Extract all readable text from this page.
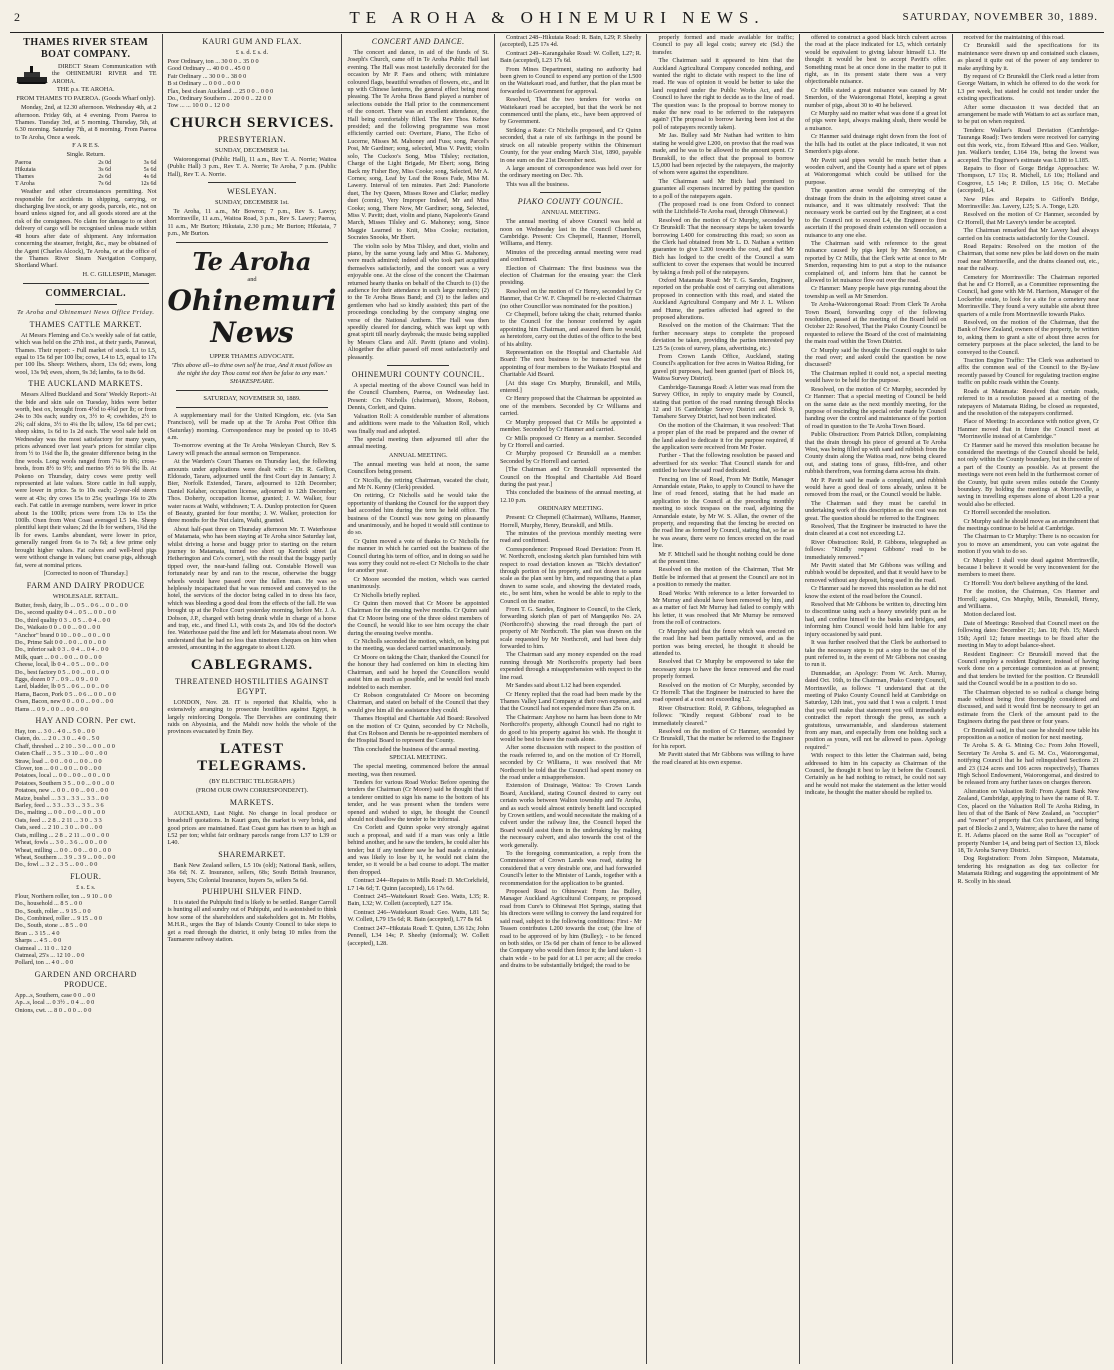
2	TE AROHA & OHINEMURI NEWS.	SATURDAY, NOVEMBER 30, 1889.
THAMES RIVER STEAM BOAT COMPANY.

DIRECT Steam Communication with the OHINEMURI RIVER and TE AROHA.

THE p.s. TE AROHA.
FROM THAMES TO PAEROA. (Goods Wharf only).

Monday, 2nd, at 12.30 afternoon. Wednesday 4th, at 2 afternoon. Friday 6th, at 4 evening. From Paeroa to Thames. Tuesday 3rd, at 5 morning. Thursday, 5th, at 6.30 morning. Saturday 7th, at 8 morning. From Paeroa to Te Aroha, Once a week.

F A R E S.
Single. Return.
Paeroa	2s 0d	3s 6d
Hikutaia	3s 6d	5s 6d
Thames	2s 6d	4s 6d
T Aroha	7s 6d	12s 6d

Weather and other circumstances permitting. Not responsible for accidents in shipping, carrying, or discharging live stock, or any goods, parcels, etc., not on board unless signed for, and all goods stored are at the risk of the consignees. No claim for damage to or short delivery of cargo will be recognised unless made within 48 hours after date of shipment. Any information concerning the steamer, freight, &c., may be obtained of the Agent (Charles Alcock), Te Aroha, or at the office of the Thames River Steam Navigation Company, Shortland Wharf.

H. C. GILLESPIE, Manager.
COMMERCIAL.
Te Aroha and Ohinemuri News Office Friday.
THAMES CATTLE MARKET.

At Messrs Fleming and Co.'s weekly sale of fat cattle, which was held on the 27th inst., at their yards, Parawai, Thames. Their report: - Full market of stock. L1 to L5, equal to 15s 6d per 100 lbs; cows, L4 to L5, equal to 17s per 100 lbs. Sheep: Wethers, shorn, 13s 6d; ewes, long wool, 13s 9d; ewes, shorn, 9s 3d; lambs, 6s to 8s 6d.

THE AUCKLAND MARKETS.

Messrs Alfred Buckland and Sons' Weekly Report:-At the bide and skin sale on Tuesday, hides were better worth, best ox, brought from 4½d to 4¾d per lb; or from 24s to 30s each; sundry ox, 3½ to 4; cowhides, 2½ to 2¾; calf skins, 3½ to 4¼ the lb; tallow, 15s 6d per cwt.; sheep skins, 1s 6d to 1s 2d each. The wool sale held on Wednesday was the most satisfactory for many years, prices advanced over last year's prices for similar clips from ½ to 1¼d the lb, the greater difference being in the fine wools. Long wools ranged from 7¼ to 8¾; cross-breds, from 8½ to 9½; and merino 9½ to 9¾ the lb. At Pokeno on Thursday, dairy cows were pretty well represented at late values. Store cattle in full supply, were lower in price. 5s to 10s each; 2-year-old steers were at 43s; dry cows 15s to 25s; yearlings 16s to 20s each. Fat cattle in average numbers, were lower in price about 1s the 100lb; prices were from 13s to 15s the 100lb. Oxen from West Coast averaged L5 14s. Sheep plentiful kept their values; 2d the lb for wethers, 1¾d the lb for ewes. Lambs abundant, were lower in price, generally ranged from 6s to 7s 6d; a few prime only brought higher values. Fat calves and well-bred pigs were without change in values; but coarse pigs, although fat, were at nominal prices.

[Corrected to noon of Thursday.]
FARM AND DAIRY PRODUCE
WHOLESALE. RETAIL.
Butter, fresh, dairy, lb ... 0 5 .. 0 6 ... 0 0 .. 0 0
Do., second quality 0 4 .. 0 5 ... 0 0 .. 0 0
Do., third quality 0 3 .. 0 5 ... 0 4 .. 0 0
Do., Waikato 0 0 .. 0 0 ... 0 0 .. 0 0
"Anchor" brand 0 10 .. 0 0 ... 0 0 .. 0 0
Do., Prime Salt 0 0 .. 0 0 ... 0 0 .. 0 0
Do., inferior salt 0 3 .. 0 4 ... 0 4 .. 0 0
Milk, quart ... 0 0 .. 0 0 ... 0 0 .. 0 0
Cheese, local, lb 0 4 .. 0 5 ... 0 0 .. 0 0
Do., best factory 0 5 .. 0 0 ... 0 0 .. 0 0
Eggs, dozen 0 7 .. 0 9 ... 0 9 .. 0 0
Lard, bladder, lb 0 5 .. 0 6 ... 0 0 .. 0 0
Hams, Bacon, Pork 0 5 .. 0 6 ... 0 0 .. 0 0
Oxen, Bacon, new 0 0 .. 0 0 ... 0 0 .. 0 0
Hams ... 0 9 .. 0 0 ... 0 0 .. 0 0
HAY AND CORN. Per cwt.
Hay, ton ... 3 0 .. 4 0 ... 5 0 .. 0 0
Oaten, do. ... 2 0 .. 3 0 ... 4 0 .. 5 0
Chaff, threshed ... 2 10 .. 3 0 ... 0 0 .. 0 0
Oaten Chaff ... 3 5 .. 3 10 ... 0 0 .. 0 0
Straw, load ... 0 0 .. 0 0 ... 0 0 .. 0 0
Clover, ton ... 0 0 .. 0 0 ... 0 0 .. 0 0
Potatoes, local ... 0 0 .. 0 0 ... 0 0 .. 0 0
Potatoes, Southern 3 5 .. 0 0 ... 0 0 .. 0 0
Potatoes, new ... 0 0 .. 0 0 ... 0 0 .. 0 0
Maize, bushel ... 3 3 .. 3 3 ... 3 3 .. 0 0
Barley, feed ... 3 3 .. 3 3 ... 3 3 .. 3 6
Do., malting ... 0 0 .. 0 0 ... 0 0 .. 0 0
Oats, feed ... 2 8 .. 2 11 ... 3 0 .. 3 3
Oats, seed ... 2 10 .. 3 0 ... 0 0 .. 0 0
Oats, milling ... 2 8 .. 2 11 ... 0 0 .. 0 0
Wheat, fowls ... 3 0 .. 3 6 ... 0 0 .. 0 0
Wheat, milling ... 0 0 .. 0 0 ... 0 0 .. 0 0
Wheat, Southern ... 3 9 .. 3 9 ... 0 0 .. 0 0
Do., fowl ... 3 2 .. 3 5 ... 0 0 .. 0 0
FLOUR.
£ s. £ s.
Flour, Northern roller, ton ... 9 10 .. 0 0
Do., household ... 8 5 .. 0 0
Do., South, roller ... 9 15 .. 0 0
Do., Combined, roller ... 9 15 .. 0 0
Do., South, stone ... 8 5 .. 0 0
Bran ... 3 15 .. 4 0
Sharps ... 4 5 .. 0 0
Oatmeal ... 11 0 .. 12 0
Oatmeal, 25's ... 12 10 .. 0 0
Pollard, ton ... 4 0 .. 0 0
GARDEN AND ORCHARD PRODUCE.
App...s, Southern, case 0 0 .. 0 0
Ap...s, local ... 0 3½ .. 0 4 ... 0 0
Onions, cwt. ... 8 0 .. 0 0 ... 0 0
KAURI GUM AND FLAX.
£ s. d. £ s. d.
Poor Ordinary, ton ... 30 0 0 .. 35 0 0
Good Ordinary ... 40 0 0 .. 45 0 0
Fair Ordinary ... 30 0 0 .. 38 0 0
B st Ordinary ... 0 0 0 .. 0 0 0
Flax, best clean Auckland ... 25 0 0 .. 0 0 0
Do., Ordinary Southern ... 20 0 0 .. 22 0 0
Tow ... ... 10 0 0 .. 12 0 0
CHURCH SERVICES.
PRESBYTERIAN.
SUNDAY, DECEMBER 1st.

Waiorongomai (Public Hall), 11 a.m., Rev T. A. Norrie; Waitoa (Public Hall) 3 p.m., Rev T. A. Norrie; Te Aroha, 7 p.m. (Public Hall), Rev T. A. Norrie.

WESLEYAN.
SUNDAY, DECEMBER 1st.

Te Aroha, 11 a.m., Mr Bowron; 7 p.m., Rev S. Lawry; Morrinsville, 11 a.m., Waitoa Road, 3 p.m., Rev S. Lawry; Paeroa, 11 a.m., Mr Burton; Hikutaia, 2.30 p.m.; Mr Burton; Hikutaia, 7 p.m., Mr Burton.

Te Aroha
and
Ohinemuri News
UPPER THAMES ADVOCATE.
'This above all--to thine own self be true, And it must follow as the night the day Thou canst not then be false to any man.' SHAKESPEARE.
SATURDAY, NOVEMBER 30, 1889.

A supplementary mail for the United Kingdom, etc. (via San Francisco), will be made up at the Te Aroha Post Office this (Saturday) morning. Correspondence may be posted up to 10.45 a.m.

To-morrow evening at the Te Aroha Wesleyan Church, Rev S. Lawry will preach the annual sermon on Temperance.

At the Warden's Court Thames on Thursday last, the following amounts under applications were dealt with: - Dr. R. Gellion, Eldorado, Tararu, adjourned until the first Court day in January; J. Bier, Norfolk Extended, Tararu, adjourned to 12th December; Daniel Kelaher, occupation license, adjourned to 12th December; Thos. Doherty, occupation license, granted; J. W. Walker, four water races at Waihi, withdrawn; T. A. Dunlop protection for Queen of Beauty, granted for four months; J. W. Walker, protection for three months for the Nut claim, Waihi, granted.

About half-past three on Thursday afternoon Mr. T. Waterhouse of Matamata, who has been staying at Te Aroha since Saturday last, whilst driving a horse and buggy prior to starting on the return journey to Matamata, turned too short up Kenrick street (at Hetherington and Co's corner), with the result that the buggy partly tipped over, the near-hand falling out. Constable Howell was fortunately near by and ran to the rescue, otherwise the buggy wheels would have passed over the fallen man. He was so helplessly incapacitated that he was removed and conveyed to the hotel, the services of the doctor being called in to dress his face, which was bleeding a good deal from the effects of the fall. He was brought up at the Police Court yesterday morning, before Mr. J. A. Dobson, J.P., charged with being drunk while in charge of a horse and trap, etc., and fined L1, with costs 2s, and 10s 6d the doctor's fee. Waterhouse paid the fine and left for Matamata about noon. We understand that he had no less than nineteen cheques on him when arrested, amounting in the aggregate to about L120.

CABLEGRAMS.
THREATENED HOSTILITIES AGAINST EGYPT.

LONDON, Nov. 28. IT is reported that Khalifa, who is extensively arranging to prosecute hostilities against Egypt, is largely reinforcing Dongola. The Dervishes are continuing their raids on Abyssinia, and the Mahdi now holds the whole of the provinces evacuated by Emin Bey.

LATEST TELEGRAMS.
(BY ELECTRIC TELEGRAPH.)
(FROM OUR OWN CORRESPONDENT).
MARKETS.

AUCKLAND, Last Night. No change in local produce or breadstuff quotations. In Kauri gum, the market is very brisk, and good prices are maintained. East Coast gum has risen to as high as L52 per ton; whilst fair ordinary parcels range from L37 to L39 or L40.

SHAREMARKET.

Bank New Zealand sellers, L5 10s (old); National Bank, sellers, 36s 6d; N. Z. Insurance, sellers, 68s; South British Insurance, buyers, 53s; Colonial Insurance, buyers 5s, sellers 5s 6d.

PUHIPUHI SILVER FIND.

It is stated the Puhipuhi find is likely to be settled. Ranger Carroll is hunting all and sundry out of Puhipuhi, and is astonished to think how some of the shareholders and stakeholders got in. Mr Hobbs, M.H.R., urges the Bay of Islands County Council to take steps to get a road through the district, it only being 10 miles from the Taumarere railway station.

CONCERT AND DANCE.

The concert and dance, in aid of the funds of St. Joseph's Church, came off in Te Aroha Public Hall last evening. The Hall was most tastefully decorated for the occasion by Mr P. Faes and others; with miniature coloured flags, beautiful wreathes of flowers, etc., and lit up with Chinese lanterns, the general effect being most pleasing. The Te Aroha Brass Band played a number of selections outside the Hall prior to the commencement of the concert. There was an excellent attendance, the Hall being comfortably filled. The Rev Thos. Kehoe presided; and the following programme was most efficiently carried out: Overture, Piano, The Echo of Lucerne, Misses M. Mahoney and Fuss; song, Parcel's Post, Mr Gardiner; song, selected, Miss V. Pavitt; violin solo, The Cuckoo's Song, Miss Tilsley; recitation, Charge of the Light Brigade, Mr Ebert; song, Bring Back my Fisher Boy, Miss Cooke; song, Selected, Mr A. Cornes; song, Leaf by Leaf the Roses Fade, Miss M. Lawery. Interval of ten minutes. Part 2nd: Pianoforte duet, The Ivy Queen, Misses Rowe and Clarke; medley duet (comic), Very Improper Indeed, Mr and Miss Cooke; song, There Now, Mr Gardiner; song, Selected, Miss V. Pavitt; duet, violin and piano, Napoleon's Grand March, Misses Tilsley and G. Mahoney; song, Since Maggie Learned to Knit, Miss Cooke; recitation, Socrates Snooks, Mr Ebert.

The violin solo by Miss Tilsley, and duet, violin and piano, by the same young lady and Miss G. Mahoney, were much admired; indeed all who took part acquitted themselves satisfactorily, and the concert was a very enjoyable one. At the close of the concert the Chairman returned hearty thanks on behalf of the Church to (1) the audience for their attendance in such large numbers; (2) to the Te Aroha Brass Band; and (3) to the ladies and gentlemen who had so kindly assisted; this part of the proceedings concluding by the company singing one verse of the National Anthem. The Hall was then speedily cleared for dancing, which was kept up with great spirit till nearly daybreak; the music being supplied by Messrs Clara and Alf. Pavitt (piano and violin). Altogether the affair passed off most satisfactorily and pleasantly.

OHINEMURI COUNTY COUNCIL.

A special meeting of the above Council was held in the Council Chambers, Paeroa, on Wednesday last. Present: Crs Nicholls (chairman), Moore, Robson, Dennis, Corlett, and Quinn.

Valuation Roll: A considerable number of alterations and additions were made to the Valuation Roll, which was finally read and adopted.

The special meeting then adjourned till after the annual meeting.

ANNUAL MEETING.

The annual meeting was held at noon, the same Councillors being present.

Cr Nicolls, the retiring Chairman, vacated the chair, and Mr N. Kenny (Clerk) presided.

On retiring, Cr Nicholls said he would take the opportunity of thanking the Council for the support they had accorded him during the term he held office. The business of the Council was now going on pleasantly and unanimously, and he hoped it would still continue to do so.

Cr Quinn moved a vote of thanks to Cr Nicholls for the manner in which he carried out the business of the Council during his term of office, and in doing so said he was sorry they could not re-elect Cr Nicholls to the chair for another year.

Cr Moore seconded the motion, which was carried unanimously.

Cr Nicholls briefly replied.

Cr Quinn then moved that Cr Moore be appointed Chairman for the ensuing twelve months. Cr Quinn said that Cr Moore being one of the three oldest members of the Council, he would like to see him occupy the chair during the ensuing twelve months.

Cr Nicholls seconded the motion, which, on being put to the meeting, was declared carried unanimously.

Cr Moore on taking the Chair, thanked the Council for the honour they had conferred on him in electing him Chairman, and said he hoped the Councillors would assist him as much as possible, and he would feel much indebted to each member.

Cr Robson congratulated Cr Moore on becoming Chairman, and stated on behalf of the Council that they would give him all the assistance they could.

Thames Hospital and Charitable Aid Board: Resolved on the motion of Cr Quinn, seconded by Cr Nicholls, that Crs Robson and Dennis be re-appointed members of the Hospital Board to represent the County.

This concluded the business of the annual meeting.

SPECIAL MEETING.

The special meeting, commenced before the annual meeting, was then resumed.

Tenders for various Road Works: Before opening the tenders the Chairman (Cr Moore) said he thought that if a tenderer omitted to sign his name to the bottom of his tender, and he was present when the tenders were opened and wished to sign, he thought the Council should not disallow the tender to be informal.

Crs Corlett and Quinn spoke very strongly against such a proposal, and said if a man was only a little behind another, and he saw the tenders, he could alter his tender; but if any tenderer saw he had made a mistake, and was likely to lose by it, he would not claim the tender, so it would be a bad course to adopt. The matter then dropped.

Contract 244--Repairs to Mills Road: D. McCorkfield, L7 14s 6d; T. Quinn (accepted), L6 17s 6d.

Contract 245--Waitekauri Road: Geo. Watts, L35; R. Bain, L32; W. Collett (accepted), L27 15s.

Contract 246--Waitekauri Road: Geo. Watts, L81 5s; W. Collett, L79 15s 6d; R. Bain (accepted), L77 8s 6d.

Contract 247--Hikutaia Road: T. Quinn, L36 12s; John Pennell, L34 14s; P. Sheehy (informal); W. Collett (accepted), L28.

Contract 248--Hikutaia Road: R. Bain, L29; P. Sheehy (accepted), L25 17s 4d.

Contract 249--Karangahake Road: W. Collett, L27; R. Bain (accepted), L23 17s 6d.

From Mines Department, stating no authority had been given to Council to expend any portion of the L500 on the Waitekauri road, and further, that the plan must be forwarded to Government for approval.

Resolved, That the two tenders for works on Waitekauri road be accepted, but that the work be not commenced until the plans, etc., have been approved of by Government.

Striking a Rate: Cr Nicholls proposed, and Cr Quinn seconded, that a rate of six farthings in the pound be struck on all rateable property within the Ohinemuri County, for the year ending March 31st, 1890, payable in one sum on the 21st December next.

A large amount of correspondence was held over for the ordinary meeting on Dec. 7th.

This was all the business.

PIAKO COUNTY COUNCIL.
ANNUAL MEETING.

The annual meeting of above Council was held at noon on Wednesday last in the Council Chambers, Cambridge. Present: Crs Chepmell, Hanmer, Horrell, Williams, and Henry.

Minutes of the preceding annual meeting were read and confirmed.

Election of Chairman: The first business was the election of Chairman for the ensuing year: the Clerk presiding.

Resolved on the motion of Cr Henry, seconded by Cr Hanmer, that Cr W. F. Chepmell be re-elected Chairman (no other Councillor was nominated for the position.)

Cr Chepmell, before taking the chair, returned thanks to the Council for the honour conferred by again appointing him Chairman, and assured them he would, as heretofore, carry out the duties of the office to the best of his ability.

Representation on the Hospital and Charitable Aid Board: The next business to be transacted was the appointing of four members to the Waikato Hospital and Charitable Aid Board.

[At this stage Crs Murphy, Brunskill, and Mills, entered.]

Cr Henry proposed that the Chairman be appointed as one of the members. Seconded by Cr Williams and carried.

Cr Murphy proposed that Cr Mills be appointed a member. Seconded by Cr Hanmer and carried.

Cr Mills proposed Cr Henry as a member. Seconded by Cr Horrell and carried.

Cr Murphy proposed Cr Brunskill as a member. Seconded by Cr Horrell and carried.

[The Chairman and Cr Brunskill represented the Council on the Hospital and Charitable Aid Board during the past year.]

This concluded the business of the annual meeting, at 12.10 p.m.

ORDINARY MEETING.

Present: Cr Chepmell (Chairman), Williams, Hanmer, Horrell, Murphy, Henry, Brunskill, and Mills.

The minutes of the previous monthly meeting were read and confirmed.

Correspondence: Proposed Road Deviation: From H. W. Northcroft, enclosing sketch plan furnished him with respect to road deviation known as "Bich's deviation" through portion of his property, and not drawn to same scale as the plan sent by him, and requesting that a plan drawn to same scale, and showing the deviated roads, etc., be sent him, when he would be able to reply to the Council on the matter.

From T. G. Sandes, Engineer to Council, to the Clerk, forwarding sketch plan of part of Mangapiko No. 2A (Northcroft's) showing the road through the part of property of Mr Northcroft. The plan was drawn on the scale requested by Mr Northcroft, and had been duly forwarded to him.

The Chairman said any money expended on the road running through Mr Northcroft's property had been expended through a misapprehension with respect to the line road.

Mr Sandes said about L12 had been expended.

Cr Henry replied that the road had been made by the Thames Valley Land Company at their own expense, and that the Council had not expended more than 25s on it.

The Chairman: Anyhow no harm has been done to Mr Northcroft's property, although Council had no right to do good to his property against his wish. He thought it would be best to leave the roads alone.

After some discussion with respect to the position of the roads referred to, and on the motion of Cr Horrell, seconded by Cr Williams, it was resolved that Mr Northcroft be told that the Council had spent money on the road under a misapprehension.

Extension of Drainage, Waitoa: To Crown Lands Board, Auckland, stating Council desired to carry out certain works between Walton township and Te Aroha, and as such would almost entirely benefit land occupied by Crown settlers, and would necessitate the making of a culvert under the railway line, the Council hoped the Board would assist them in the undertaking by making the necessary culvert, and also towards the cost of the work generally.

To the foregoing communication, a reply from the Commissioner of Crown Lands was read, stating he considered that a very desirable one, and had forwarded Council's letter to the Minister of Lands, together with a recommendation for the application to be granted.

Proposed Road to Ohinewai: From Jas Bulley, Manager Auckland Agricultural Company, re proposed road from Cure's to Ohinewai Hot Springs, stating that his directors were willing to convey the land required for said road, subject to the following conditions: First - Mr Teasen contributes L200 towards the cost; (the line of road to be approved of by him (Bulley); - to be fenced on both sides, or 15s 6d per chain of fence to be allowed the Company who would then fence it; the land taken - 1 chain wide - to be paid for at L1 per acre; all the creeks and drains to be substantially bridged; the road to be

properly formed and made available for traffic; Council to pay all legal costs; survey etc (Sd.) the transfer.

The Chairman said it appeared to him that the Auckland Agricultural Company conceded nothing, and wanted the right to dictate with respect to the line of road. He was of opinion it would be better to take the land required under the Public Works Act, and the Council to have the right to decide as to the line of road. The question was: Is the proposal to borrow money to make the new road to be referred to the ratepayers again? (The proposal to borrow having been lost at the poll of ratepayers recently taken).

Mr Jas. Bulley said Mr Nathan had written to him stating he would give L200, on proviso that the road was made, and he was to be allowed to the amount spent. Cr Brunskill, to the effect that the proposal to borrow L5,000 had been rejected by the ratepayers, the majority of whom were against the expenditure.

The Chairman said Mr Bich had promised to guarantee all expenses incurred by putting the question to a poll of the ratepayers again.

(The proposed road is one from Oxford to connect with the Litchfield-Te Aroha road, through Ohinewai.)

Resolved on the motion of Cr Murphy, seconded by Cr Brunskill: That the necessary steps be taken towards borrowing L400 for constructing this road; so soon as the Clerk had obtained from Mr L. D. Nathan a written guarantee to give L200 towards the cost, and that Mr Bich has lodged to the credit of the Council a sum sufficient to cover the expenses that would be incurred by taking a fresh poll of the ratepayers.

Oxford Matamata Road: Mr T. G. Sandes, Engineer, reported on the probable cost of carrying out alterations proposed in connection with this road, and stated the Auckland Agricultural Company and Mr J. L. Wilson and Hume, the parties affected had agreed to the proposed alterations.

Resolved on the motion of the Chairman: That the further necessary steps to complete the proposed deviation be taken, providing the parties interested pay L25 5s (costs of survey, plans, advertising, etc.)

From Crown Lands Office, Auckland, stating Council's application for five acres in Waitoa Riding, for gravel pit purposes, had been granted (part of Block 16, Waitoa Survey District).

Cambridge-Tauranga Road: A letter was read from the Survey Office, in reply to enquiry made by Council, stating that portion of the road running through Blocks 12 and 16 Cambridge Survey District and Block 9, Tamahere Survey District, had not been indicated.

On the motion of the Chairman, it was resolved: That a proper plan of the road be prepared and the owner of the land asked to dedicate it for the purpose required, if the application were received from Mr Foster.

Further - That the following resolution be passed and advertised for six weeks: That Council stands for and entitled to have the said road dedicated.

Fencing on line of Road, From Mr Buttle, Manager Annandale estate, Piako, to apply to Council to have the line of road fenced, stating that he had made an application to the Council at the preceding monthly meeting to stock trespass on the road, adjoining the Annandale estate, by Mr W. S. Allan, the owner of the property, and requesting that the fencing be erected on the road line as formed by Council, stating that, so far as he was aware, there were no fences erected on the road line.

Mr F. Mitchell said he thought nothing could be done at the present time.

Resolved on the motion of the Chairman, That Mr Buttle be informed that at present the Council are not in a position to remedy the matter.

Road Works: With reference to a letter forwarded to Mr Murray and should have been removed by him, and as a matter of fact Mr Murray had failed to comply with his letter, it was resolved that Mr Murray be removed from the roll of contractors.

Cr Murphy said that the fence which was erected on the road line had been partially removed, and as the portion was being erected, he thought it should be attended to.

Resolved that Cr Murphy be empowered to take the necessary steps to have the fence removed and the road properly formed.

Resolved on the motion of Cr Murphy, seconded by Cr Horrell: That the Engineer be instructed to have the road opened at a cost not exceeding L2.

River Obstruction: Rold, P. Gibbons, telegraphed as follows: "Kindly request Gibbons' road to be immediately cleared."

Resolved on the motion of Cr Hanmer, seconded by Cr Brunskill, That the matter be referred to the Engineer for his report.

Mr Pavitt stated that Mr Gibbons was willing to have the road cleared at his own expense.

offered to construct a good black birch culvert across the road at the place indicated for L5, which certainly would be equivalent to giving labour himself L1. He thought it would be best to accept Pavitt's offer. Something must be at once done in the matter to put it right, as in its present state there was a very objectionable nuisance.

Cr Mills stated a great nuisance was caused by Mr Smerdon, of the Waiorongomai Hotel, keeping a great number of pigs, about 30 to 40 he believed.

Cr Murphy said no matter what was done if a great lot of pigs were kept, always making slush, there would be a nuisance.

Cr Hanmer said drainage right down from the foot of the hills had its outlet at the place indicated, it was not Smerdon's pigs alone.

Mr Pavitt said pipes would be much better than a wooden culvert, and the County had a spare set of pipes at Waiorongomai which could be utilised for the purpose.

The question arose would the conveying of the drainage from the drain in the adjoining street cause a nuisance, and it was ultimately resolved: That the necessary work be carried out by the Engineer, at a cost to the Council not to exceed L4, the Engineer to first ascertain if the proposed drain extension will occasion a nuisance to any one else.

The Chairman said with reference to the great nuisance caused by pigs kept by Mr Smerdon, as reported by Cr Mills, that the Clerk write at once to Mr Smerdon, requesting him to put a stop to the nuisance complained of, and inform him that he cannot be allowed to let nuisance flow out over the road.

Cr Hanmer: Many people have pigs running about the township as well as Mr Smerdon.

Te Aroha-Waiorongomai Road: From Clerk Te Aroha Town Board, forwarding copy of the following resolution, passed at the meeting of the Board held on October 22: Resolved, That the Piako County Council be requested to relieve the Board of the cost of maintaining the main road within the Town District.

Cr Murphy said he thought the Council ought to take the road over; and asked could the question be now discussed?

The Chairman replied it could not, a special meeting would have to be held for the purpose.

Resolved, on the motion of Cr Murphy, seconded by Cr Hanmer: That a special meeting of Council be held on the same date as the next monthly meeting, for the purpose of rescinding the special order made by Council handing over the control and maintenance of the portion of road in question to the Te Aroha Town Board.

Public Obstruction: From Patrick Dillon, complaining that the drain through his piece of ground at Te Aroha West, was being filled up with sand and rubbish from the County drain along the Waitoa road, now being cleared out, and stating tons of grass, filth-free, and other rubbish therefrom, was forming dams across his drain.

Mr P. Pavitt said he made a complaint, and rubbish would have a good deal of tons already, unless it be removed from the road, or the Council would be liable.

The Chairman said they must be careful in undertaking work of this description as the cost was not great. The question should be referred to the Engineer.

Resolved, That the Engineer be instructed to have the drain cleared at a cost not exceeding L2.

River Obstruction: Rold, P. Gibbons, telegraphed as follows: "Kindly request Gibbons' road to be immediately removed."

Mr Pavitt stated that Mr Gibbons was willing and rubbish would be deposited, and that it would have to be removed without any deposit, being used in the road.

Cr Hanmer said he moved this resolution as he did not know the extent of the road before the Council.

Resolved that Mr Gibbons be written to, directing him to discontinue using such a heavy unwieldy punt as he had, and confine himself to the banks and bridges, and informing him Council would hold him liable for any injury occasioned by said punt.

It was further resolved that the Clerk be authorised to take the necessary steps to put a stop to the use of the punt referred to, in the event of Mr Gibbons not ceasing to run it.

Dunmaddar, an Apology: From W. Arch. Murray, dated Oct. 16th, to the Chairman, Piako County Council, Morrinsville, as follows: "I understand that at the meeting of Piako County Council held at Cambridge on Saturday, 12th inst., you said that I was a culprit. I trust that you will make that statement you will immediately contradict the report through the press, as such a gratuitous, unwarrantable, and slanderous statement from any man, and especially from one holding such a position as yours, will not be allowed to pass. Apology required."

With respect to this letter the Chairman said, being addressed to him in his capacity as Chairman of the Council, he thought it best to lay it before the Council. Certainly as he had nothing to retract, he could not say and he would not make the statement as the letter would indicate, he thought the matter should be replied to.

received for the maintaining of this road.

Cr Brunskill said the specifications for its maintenance were drawn up and contained such clauses, as placed it quite out of the power of any tenderer to make anything by it.

By request of Cr Brunskill the Clerk read a letter from George Wattam, in which he offered to do the work for L3 per week, but stated he could not tender under the existing specifications.

After some discussion it was decided that an arrangement be made with Wattam to act as surface man, to be put on when required.

Tenders: Walker's Road Deviation (Cambridge-Tauranga Road): Two tenders were received for carrying out this work, viz., from Edward Hiss and Geo. Walker, jun. Walker's tender, L164 19s, being the lowest was accepted. The Engineer's estimate was L180 to L185.

Repairs to floor of Gorge Bridge Approaches: W. Thompson, L7 11s; R. Michell, L6 10s; Holland and Cosgrove, L5 14s; P. Dillon, L5 16s; O. McCabe (accepted), L4.

New Piles and Repairs to Gifford's Bridge, Morrinsville: Jas. Lavery, L25; S. A. Tonge, L20.

Resolved on the motion of Cr Hanmer, seconded by Cr Horrell, that Mr Lavery's tender be accepted.

The Chairman remarked that Mr Lavery had always carried on his contracts satisfactorily for the Council.

Road Repairs: Resolved on the motion of the Chairman, that some new piles be laid down on the main road near Morrinsville, and the drains cleaned out, etc., near the railway.

Cemetery for Morrinsville: The Chairman reported that he and Cr Horrell, as a Committee representing the Council, had gone with Mr M. Harrison, Manager of the Lockerbie estate, to look for a site for a cemetery near Morrinsville. They found a very suitable site about three quarters of a mile from Morrinsville towards Piako.

Resolved, on the motion of the Chairman, that the Bank of New Zealand, owners of the property, be written to, asking them to grant a site of about three acres for cemetery purposes at the place selected, the land to be conveyed to the Council.

Traction Engine Traffic: The Clerk was authorised to affix the common seal of the Council to the By-law recently passed by Council for regulating traction engine traffic on public roads within the County.

Roads at Matamata: Resolved that certain roads, referred to in a resolution passed at a meeting of the ratepayers of Matamata Riding, be closed as requested, and the resolution of the ratepayers confirmed.

Place of Meeting: In accordance with notice given, Cr Hanmer moved that in future the Council meet at "Morrinsville instead of at Cambridge."

Cr Hanmer said he moved this resolution because he considered the meetings of the Council should be held, not only within the County boundary, but in the centre of a part of the County as possible. As at present the meetings were not even held in the furthermost corner of the County, but quite seven miles outside the County boundary. By holding the meetings at Morrinsville, a saving in travelling expenses alone of about L20 a year would also be effected.

Cr Horrell seconded the resolution.

Cr Murphy said he should move as an amendment that the meetings continue to be held at Cambridge.

The Chairman to Cr Murphy: There is no occasion for you to move an amendment, you can vote against the motion if you wish to do so.

Cr Murphy: I shall vote dead against Morrinsville, because I believe it would be very inconvenient for the members to meet there.

Cr Horrell: You don't believe anything of the kind.

For the motion, the Chairman, Crs Hanmer and Horrell; against, Crs Murphy, Mills, Brunskill, Henry, and Williams.

Motion declared lost.

Date of Meetings: Resolved that Council meet on the following dates: December 21; Jan. 18; Feb. 15; March 15th; April 12; future meetings to be fixed after the meeting in May to adopt balance-sheet.

Resident Engineer: Cr Brunskill moved that the Council employ a resident Engineer, instead of having work done on a percentage commission as at present; and that tenders be invited for the position. Cr Brunskill said the Council would be in a position to do so.

The Chairman objected to so radical a change being made without being first thoroughly considered and discussed, and said it would first be necessary to get an estimate from the Clerk of the amount paid to the Engineers during the past three or four years.

Cr Brunskill said, in that case he should now table his proposition as a notice of motion for next meeting.

Te Aroha S. & G. Mining Co.: From John Howell, Secretary Te Aroha S. and G. M. Co., Waiorongomai, notifying Council that he had relinquished Sections 21 and 23 (124 acres and 106 acres respectively), Thames High School Endowment, Waiorongomai, and desired to be released from any further taxes on charges thereon.

Alteration on Valuation Roll: From Agent Bank New Zealand, Cambridge, applying to have the name of R. T. Cox, placed on the Valuation Roll Te Aroha Riding, in lieu of that of the Bank of New Zealand, as "occupier" and "owner" of property that Cox purchased, and being part of Blocks 2 and 3, Wairere; also to have the name of E. H. Adams placed on the same Roll as "occupier" of property Number 14, and being part of Section 13, Block 18, Te Aroha Survey District.

Dog Registration: From John Simpson, Matamata, tendering his resignation as dog tax collector for Matamata Riding; and suggesting the appointment of Mr R. Scolly in his stead.
